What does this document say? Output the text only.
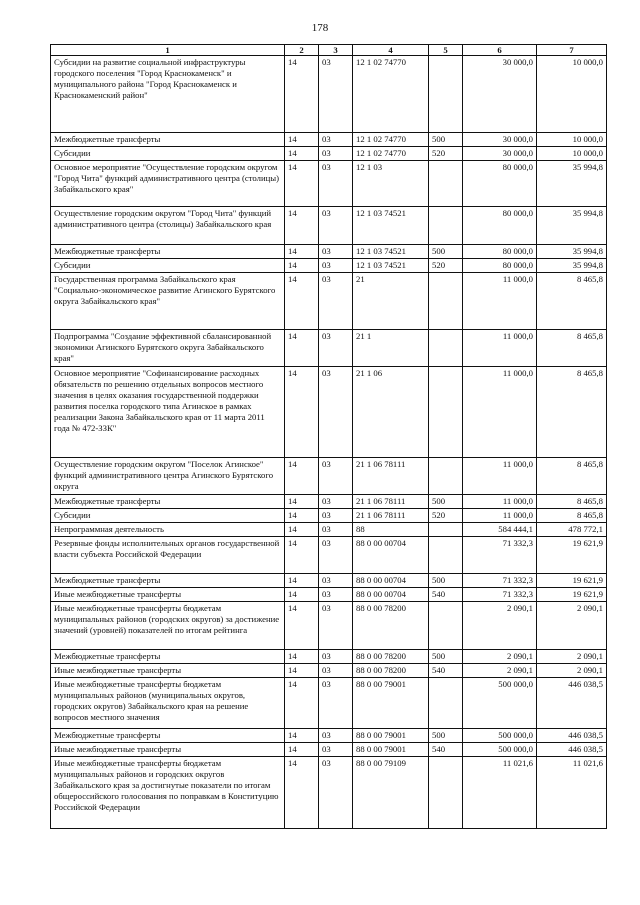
178
1	2	3	4	5	6	7
Субсидии на развитие социальной инфраструктуры городского поселения "Город Краснокаменск" и муниципального района "Город Краснокаменск и Краснокаменский район"	14	03	12 1 02 74770		30 000,0	10 000,0
Межбюджетные трансферты	14	03	12 1 02 74770	500	30 000,0	10 000,0
Субсидии	14	03	12 1 02 74770	520	30 000,0	10 000,0
Основное мероприятие "Осуществление городским округом "Город Чита" функций административного центра (столицы) Забайкальского края"	14	03	12 1 03		80 000,0	35 994,8
Осуществление городским округом "Город Чита" функций административного центра (столицы) Забайкальского края	14	03	12 1 03 74521		80 000,0	35 994,8
Межбюджетные трансферты	14	03	12 1 03 74521	500	80 000,0	35 994,8
Субсидии	14	03	12 1 03 74521	520	80 000,0	35 994,8
Государственная программа Забайкальского края "Социально-экономическое развитие Агинского Бурятского округа Забайкальского края"	14	03	21		11 000,0	8 465,8
Подпрограмма "Создание эффективной сбалансированной экономики Агинского Бурятского округа Забайкальского края"	14	03	21 1		11 000,0	8 465,8
Основное мероприятие "Софинансирование расходных обязательств по решению отдельных вопросов местного значения в целях оказания государственной поддержки развития поселка городского типа Агинское в рамках реализации Закона Забайкальского края от 11 марта 2011 года № 472-ЗЗК"	14	03	21 1 06		11 000,0	8 465,8
Осуществление городским округом "Поселок Агинское" функций административного центра Агинского Бурятского округа	14	03	21 1 06 78111		11 000,0	8 465,8
Межбюджетные трансферты	14	03	21 1 06 78111	500	11 000,0	8 465,8
Субсидии	14	03	21 1 06 78111	520	11 000,0	8 465,8
Непрограммная деятельность	14	03	88		584 444,1	478 772,1
Резервные фонды исполнительных органов государственной власти субъекта Российской Федерации	14	03	88 0 00 00704		71 332,3	19 621,9
Межбюджетные трансферты	14	03	88 0 00 00704	500	71 332,3	19 621,9
Иные межбюджетные трансферты	14	03	88 0 00 00704	540	71 332,3	19 621,9
Иные межбюджетные трансферты бюджетам муниципальных районов (городских округов) за достижение значений (уровней) показателей по итогам рейтинга	14	03	88 0 00 78200		2 090,1	2 090,1
Межбюджетные трансферты	14	03	88 0 00 78200	500	2 090,1	2 090,1
Иные межбюджетные трансферты	14	03	88 0 00 78200	540	2 090,1	2 090,1
Иные межбюджетные трансферты бюджетам муниципальных районов (муниципальных округов, городских округов) Забайкальского края на решение вопросов местного значения	14	03	88 0 00 79001		500 000,0	446 038,5
Межбюджетные трансферты	14	03	88 0 00 79001	500	500 000,0	446 038,5
Иные межбюджетные трансферты	14	03	88 0 00 79001	540	500 000,0	446 038,5
Иные межбюджетные трансферты бюджетам муниципальных районов и городских округов Забайкальского края за достигнутые показатели по итогам общероссийского голосования по поправкам в Конституцию Российской Федерации	14	03	88 0 00 79109		11 021,6	11 021,6
